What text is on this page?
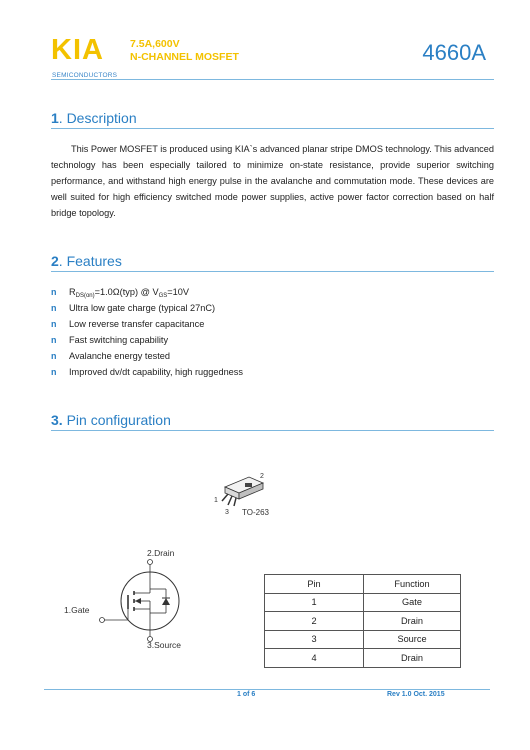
KIA
SEMICONDUCTORS
7.5A,600V
N-CHANNEL MOSFET	4660A
1. Description

This Power MOSFET is produced using KIA`s advanced planar stripe DMOS technology. This advanced technology has been especially tailored to minimize on-state resistance, provide superior switching performance, and withstand high energy pulse in the avalanche and commutation mode. These devices are well suited for high efficiency switched mode power supplies, active power factor correction based on half bridge topology.

2. Features
n $R_{DS(on)}=1.0\Omega(typ)$ @ $V_{GS}=10V$
n Ultra low gate charge (typical 27nC)
n Low reverse transfer capacitance
n Fast switching capability
n Avalanche energy tested
n Improved dv/dt capability, high ruggedness
3. Pin configuration
2
1
3 TO-263
2.Drain
1.Gate
3.Source
Pin	Function
1	Gate
2	Drain
3	Source
4	Drain
1 of 6	Rev 1.0 Oct. 2015
